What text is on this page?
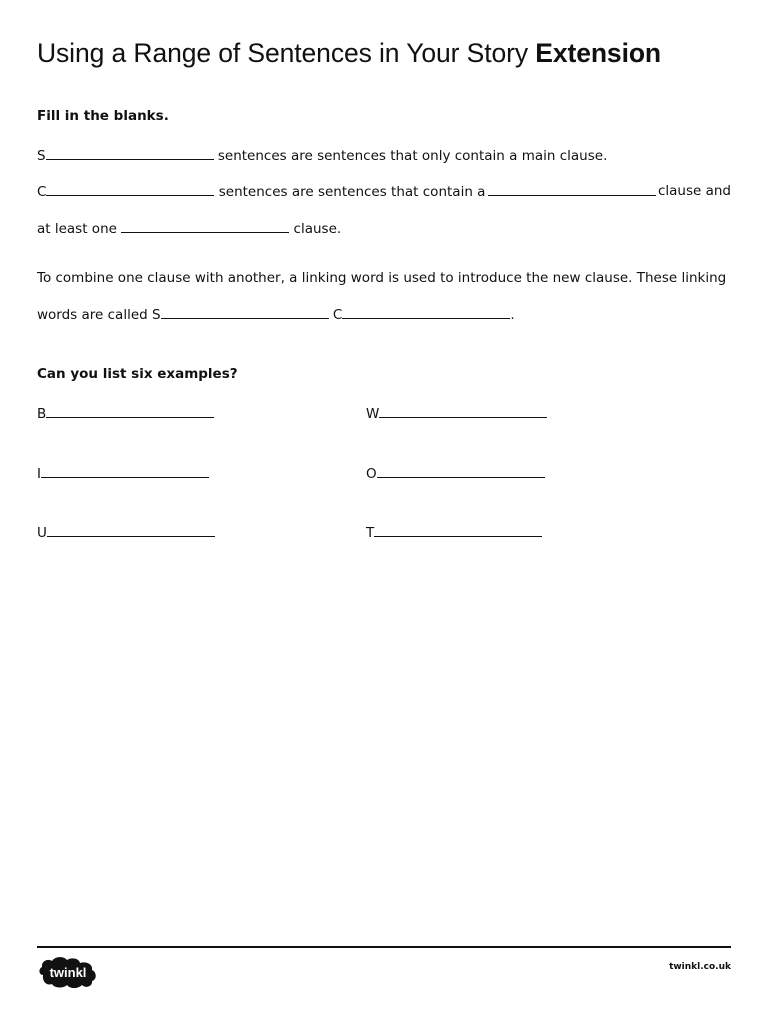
Using a Range of Sentences in Your Story Extension

Fill in the blanks.

S	sentences are sentences that only contain a main clause.
C	sentences are sentences that contain a	clause and
at least one	clause.
To combine one clause with another, a linking word is used to introduce the new clause. These linking
words are called S	C	.

Can you list six examples?

B	W
I	O
U	T
twinkl	twinkl.co.uk
